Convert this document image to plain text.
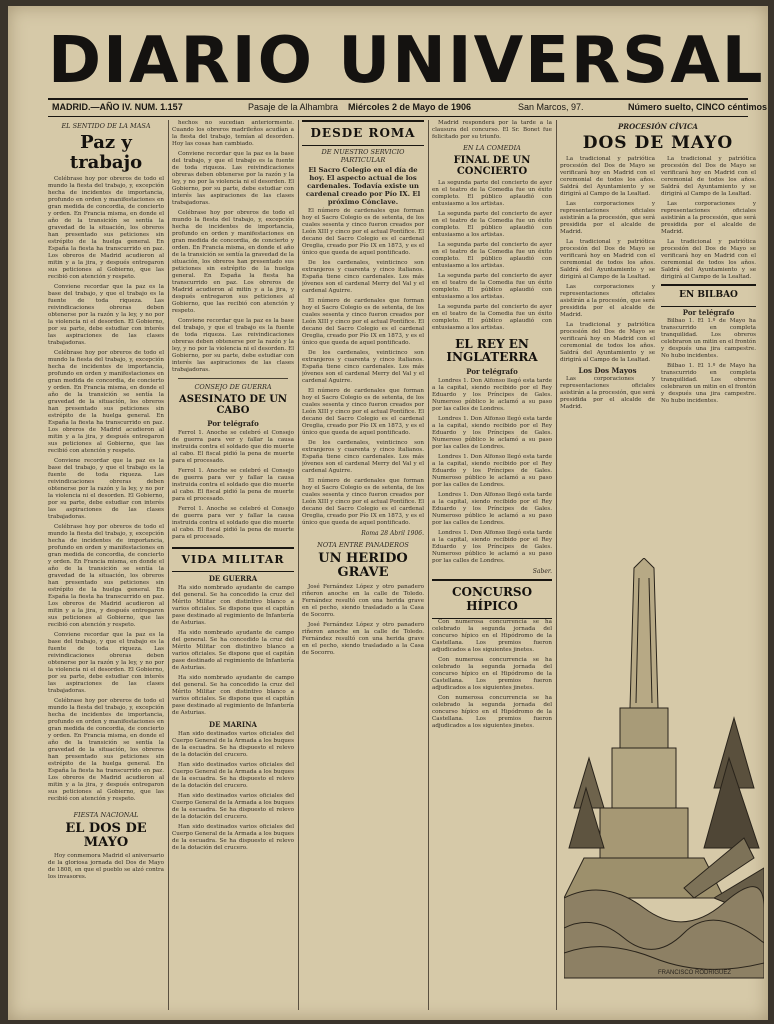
DIARIO UNIVERSAL
MADRID.—AÑO IV. NUM. 1.157	Pasaje de la Alhambra Miércoles 2 de Mayo de 1906	San Marcos, 97.	Número suelto, CINCO céntimos
EL SENTIDO DE LA MASA
Paz y trabajo

Celébrase hoy por obreros de todo el mundo la fiesta del trabajo, y, excepción hecha de incidentes de importancia, profundo en orden y manifestaciones en gran medida de concordia, de concierto y orden. En Francia misma, en donde el año de la transición se sentía la gravedad de la situación, los obreros han presentado sus peticiones sin estrépito de la huelga general. En España la fiesta ha transcurrido en paz. Los obreros de Madrid acudieron al mitin y a la jira, y después entregaron sus peticiones al Gobierno, que las recibió con atención y respeto.

Conviene recordar que la paz es la base del trabajo, y que el trabajo es la fuente de toda riqueza. Las reivindicaciones obreras deben obtenerse por la razón y la ley, y no por la violencia ni el desorden. El Gobierno, por su parte, debe estudiar con interés las aspiraciones de las clases trabajadoras.

Celébrase hoy por obreros de todo el mundo la fiesta del trabajo, y, excepción hecha de incidentes de importancia, profundo en orden y manifestaciones en gran medida de concordia, de concierto y orden. En Francia misma, en donde el año de la transición se sentía la gravedad de la situación, los obreros han presentado sus peticiones sin estrépito de la huelga general. En España la fiesta ha transcurrido en paz. Los obreros de Madrid acudieron al mitin y a la jira, y después entregaron sus peticiones al Gobierno, que las recibió con atención y respeto.

Conviene recordar que la paz es la base del trabajo, y que el trabajo es la fuente de toda riqueza. Las reivindicaciones obreras deben obtenerse por la razón y la ley, y no por la violencia ni el desorden. El Gobierno, por su parte, debe estudiar con interés las aspiraciones de las clases trabajadoras.

Celébrase hoy por obreros de todo el mundo la fiesta del trabajo, y, excepción hecha de incidentes de importancia, profundo en orden y manifestaciones en gran medida de concordia, de concierto y orden. En Francia misma, en donde el año de la transición se sentía la gravedad de la situación, los obreros han presentado sus peticiones sin estrépito de la huelga general. En España la fiesta ha transcurrido en paz. Los obreros de Madrid acudieron al mitin y a la jira, y después entregaron sus peticiones al Gobierno, que las recibió con atención y respeto.

Conviene recordar que la paz es la base del trabajo, y que el trabajo es la fuente de toda riqueza. Las reivindicaciones obreras deben obtenerse por la razón y la ley, y no por la violencia ni el desorden. El Gobierno, por su parte, debe estudiar con interés las aspiraciones de las clases trabajadoras.

Celébrase hoy por obreros de todo el mundo la fiesta del trabajo, y, excepción hecha de incidentes de importancia, profundo en orden y manifestaciones en gran medida de concordia, de concierto y orden. En Francia misma, en donde el año de la transición se sentía la gravedad de la situación, los obreros han presentado sus peticiones sin estrépito de la huelga general. En España la fiesta ha transcurrido en paz. Los obreros de Madrid acudieron al mitin y a la jira, y después entregaron sus peticiones al Gobierno, que las recibió con atención y respeto.

FIESTA NACIONAL
EL DOS DE MAYO

Hoy conmemora Madrid el aniversario de la gloriosa jornada del Dos de Mayo de 1808, en que el pueblo se alzó contra los invasores.

hechos no sucedían anteriormente. Cuando los obreros madrileños acudían a la fiesta del trabajo, temían al desorden. Hoy las cosas han cambiado.

Conviene recordar que la paz es la base del trabajo, y que el trabajo es la fuente de toda riqueza. Las reivindicaciones obreras deben obtenerse por la razón y la ley, y no por la violencia ni el desorden. El Gobierno, por su parte, debe estudiar con interés las aspiraciones de las clases trabajadoras.

Celébrase hoy por obreros de todo el mundo la fiesta del trabajo, y, excepción hecha de incidentes de importancia, profundo en orden y manifestaciones en gran medida de concordia, de concierto y orden. En Francia misma, en donde el año de la transición se sentía la gravedad de la situación, los obreros han presentado sus peticiones sin estrépito de la huelga general. En España la fiesta ha transcurrido en paz. Los obreros de Madrid acudieron al mitin y a la jira, y después entregaron sus peticiones al Gobierno, que las recibió con atención y respeto.

Conviene recordar que la paz es la base del trabajo, y que el trabajo es la fuente de toda riqueza. Las reivindicaciones obreras deben obtenerse por la razón y la ley, y no por la violencia ni el desorden. El Gobierno, por su parte, debe estudiar con interés las aspiraciones de las clases trabajadoras.

CONSEJO DE GUERRA
ASESINATO DE UN CABO
Por telégrafo

Ferrol 1. Anoche se celebró el Consejo de guerra para ver y fallar la causa instruida contra el soldado que dio muerte al cabo. El fiscal pidió la pena de muerte para el procesado.

Ferrol 1. Anoche se celebró el Consejo de guerra para ver y fallar la causa instruida contra el soldado que dio muerte al cabo. El fiscal pidió la pena de muerte para el procesado.

Ferrol 1. Anoche se celebró el Consejo de guerra para ver y fallar la causa instruida contra el soldado que dio muerte al cabo. El fiscal pidió la pena de muerte para el procesado.

VIDA MILITAR
DE GUERRA

Ha sido nombrado ayudante de campo del general. Se ha concedido la cruz del Mérito Militar con distintivo blanco a varios oficiales. Se dispone que el capitán pase destinado al regimiento de Infantería de Asturias.

Ha sido nombrado ayudante de campo del general. Se ha concedido la cruz del Mérito Militar con distintivo blanco a varios oficiales. Se dispone que el capitán pase destinado al regimiento de Infantería de Asturias.

Ha sido nombrado ayudante de campo del general. Se ha concedido la cruz del Mérito Militar con distintivo blanco a varios oficiales. Se dispone que el capitán pase destinado al regimiento de Infantería de Asturias.

DE MARINA

Han sido destinados varios oficiales del Cuerpo General de la Armada a los buques de la escuadra. Se ha dispuesto el relevo de la dotación del crucero.

Han sido destinados varios oficiales del Cuerpo General de la Armada a los buques de la escuadra. Se ha dispuesto el relevo de la dotación del crucero.

Han sido destinados varios oficiales del Cuerpo General de la Armada a los buques de la escuadra. Se ha dispuesto el relevo de la dotación del crucero.

Han sido destinados varios oficiales del Cuerpo General de la Armada a los buques de la escuadra. Se ha dispuesto el relevo de la dotación del crucero.

DESDE ROMA
DE NUESTRO SERVICIO PARTICULAR
El Sacro Colegio en el día de hoy. El aspecto actual de los cardenales. Todavía existe un cardenal creado por Pío IX. El próximo Cónclave.

El número de cardenales que forman hoy el Sacro Colegio es de setenta, de los cuales sesenta y cinco fueron creados por León XIII y cinco por el actual Pontífice. El decano del Sacro Colegio es el cardenal Oreglia, creado por Pío IX en 1873, y es el único que queda de aquel pontificado.

De los cardenales, veinticinco son extranjeros y cuarenta y cinco italianos. España tiene cinco cardenales. Los más jóvenes son el cardenal Merry del Val y el cardenal Aguirre.

El número de cardenales que forman hoy el Sacro Colegio es de setenta, de los cuales sesenta y cinco fueron creados por León XIII y cinco por el actual Pontífice. El decano del Sacro Colegio es el cardenal Oreglia, creado por Pío IX en 1873, y es el único que queda de aquel pontificado.

De los cardenales, veinticinco son extranjeros y cuarenta y cinco italianos. España tiene cinco cardenales. Los más jóvenes son el cardenal Merry del Val y el cardenal Aguirre.

El número de cardenales que forman hoy el Sacro Colegio es de setenta, de los cuales sesenta y cinco fueron creados por León XIII y cinco por el actual Pontífice. El decano del Sacro Colegio es el cardenal Oreglia, creado por Pío IX en 1873, y es el único que queda de aquel pontificado.

De los cardenales, veinticinco son extranjeros y cuarenta y cinco italianos. España tiene cinco cardenales. Los más jóvenes son el cardenal Merry del Val y el cardenal Aguirre.

El número de cardenales que forman hoy el Sacro Colegio es de setenta, de los cuales sesenta y cinco fueron creados por León XIII y cinco por el actual Pontífice. El decano del Sacro Colegio es el cardenal Oreglia, creado por Pío IX en 1873, y es el único que queda de aquel pontificado.

Roma 28 Abril 1906.
NOTA ENTRE PANADEROS
UN HERIDO GRAVE

José Fernández López y otro panadero riñeron anoche en la calle de Toledo. Fernández resultó con una herida grave en el pecho, siendo trasladado a la Casa de Socorro.

José Fernández López y otro panadero riñeron anoche en la calle de Toledo. Fernández resultó con una herida grave en el pecho, siendo trasladado a la Casa de Socorro.

Madrid responderá por la tarde a la clausura del concurso. El Sr. Bonet fue felicitado por su triunfo.

EN LA COMEDIA
FINAL DE UN CONCIERTO

La segunda parte del concierto de ayer en el teatro de la Comedia fue un éxito completo. El público aplaudió con entusiasmo a los artistas.

La segunda parte del concierto de ayer en el teatro de la Comedia fue un éxito completo. El público aplaudió con entusiasmo a los artistas.

La segunda parte del concierto de ayer en el teatro de la Comedia fue un éxito completo. El público aplaudió con entusiasmo a los artistas.

La segunda parte del concierto de ayer en el teatro de la Comedia fue un éxito completo. El público aplaudió con entusiasmo a los artistas.

La segunda parte del concierto de ayer en el teatro de la Comedia fue un éxito completo. El público aplaudió con entusiasmo a los artistas.

EL REY EN INGLATERRA
Por telégrafo

Londres 1. Don Alfonso llegó esta tarde a la capital, siendo recibido por el Rey Eduardo y los Príncipes de Gales. Numeroso público le aclamó a su paso por las calles de Londres.

Londres 1. Don Alfonso llegó esta tarde a la capital, siendo recibido por el Rey Eduardo y los Príncipes de Gales. Numeroso público le aclamó a su paso por las calles de Londres.

Londres 1. Don Alfonso llegó esta tarde a la capital, siendo recibido por el Rey Eduardo y los Príncipes de Gales. Numeroso público le aclamó a su paso por las calles de Londres.

Londres 1. Don Alfonso llegó esta tarde a la capital, siendo recibido por el Rey Eduardo y los Príncipes de Gales. Numeroso público le aclamó a su paso por las calles de Londres.

Londres 1. Don Alfonso llegó esta tarde a la capital, siendo recibido por el Rey Eduardo y los Príncipes de Gales. Numeroso público le aclamó a su paso por las calles de Londres.

Saber.
CONCURSO HÍPICO

Con numerosa concurrencia se ha celebrado la segunda jornada del concurso hípico en el Hipódromo de la Castellana. Los premios fueron adjudicados a los siguientes jinetes.

Con numerosa concurrencia se ha celebrado la segunda jornada del concurso hípico en el Hipódromo de la Castellana. Los premios fueron adjudicados a los siguientes jinetes.

Con numerosa concurrencia se ha celebrado la segunda jornada del concurso hípico en el Hipódromo de la Castellana. Los premios fueron adjudicados a los siguientes jinetes.

PROCESIÓN CÍVICA
DOS DE MAYO

La tradicional y patriótica procesión del Dos de Mayo se verificará hoy en Madrid con el ceremonial de todos los años. Saldrá del Ayuntamiento y se dirigirá al Campo de la Lealtad.

Las corporaciones y representaciones oficiales asistirán a la procesión, que será presidida por el alcalde de Madrid.

La tradicional y patriótica procesión del Dos de Mayo se verificará hoy en Madrid con el ceremonial de todos los años. Saldrá del Ayuntamiento y se dirigirá al Campo de la Lealtad.

Las corporaciones y representaciones oficiales asistirán a la procesión, que será presidida por el alcalde de Madrid.

La tradicional y patriótica procesión del Dos de Mayo se verificará hoy en Madrid con el ceremonial de todos los años. Saldrá del Ayuntamiento y se dirigirá al Campo de la Lealtad.

Los Dos Mayos

Las corporaciones y representaciones oficiales asistirán a la procesión, que será presidida por el alcalde de Madrid.

La tradicional y patriótica procesión del Dos de Mayo se verificará hoy en Madrid con el ceremonial de todos los años. Saldrá del Ayuntamiento y se dirigirá al Campo de la Lealtad.

Las corporaciones y representaciones oficiales asistirán a la procesión, que será presidida por el alcalde de Madrid.

La tradicional y patriótica procesión del Dos de Mayo se verificará hoy en Madrid con el ceremonial de todos los años. Saldrá del Ayuntamiento y se dirigirá al Campo de la Lealtad.

EN BILBAO
Por telégrafo

Bilbao 1. El 1.º de Mayo ha transcurrido en completa tranquilidad. Los obreros celebraron un mitin en el frontón y después una jira campestre. No hubo incidentes.

Bilbao 1. El 1.º de Mayo ha transcurrido en completa tranquilidad. Los obreros celebraron un mitin en el frontón y después una jira campestre. No hubo incidentes.

FRANCISCO RODRIGUEZ
